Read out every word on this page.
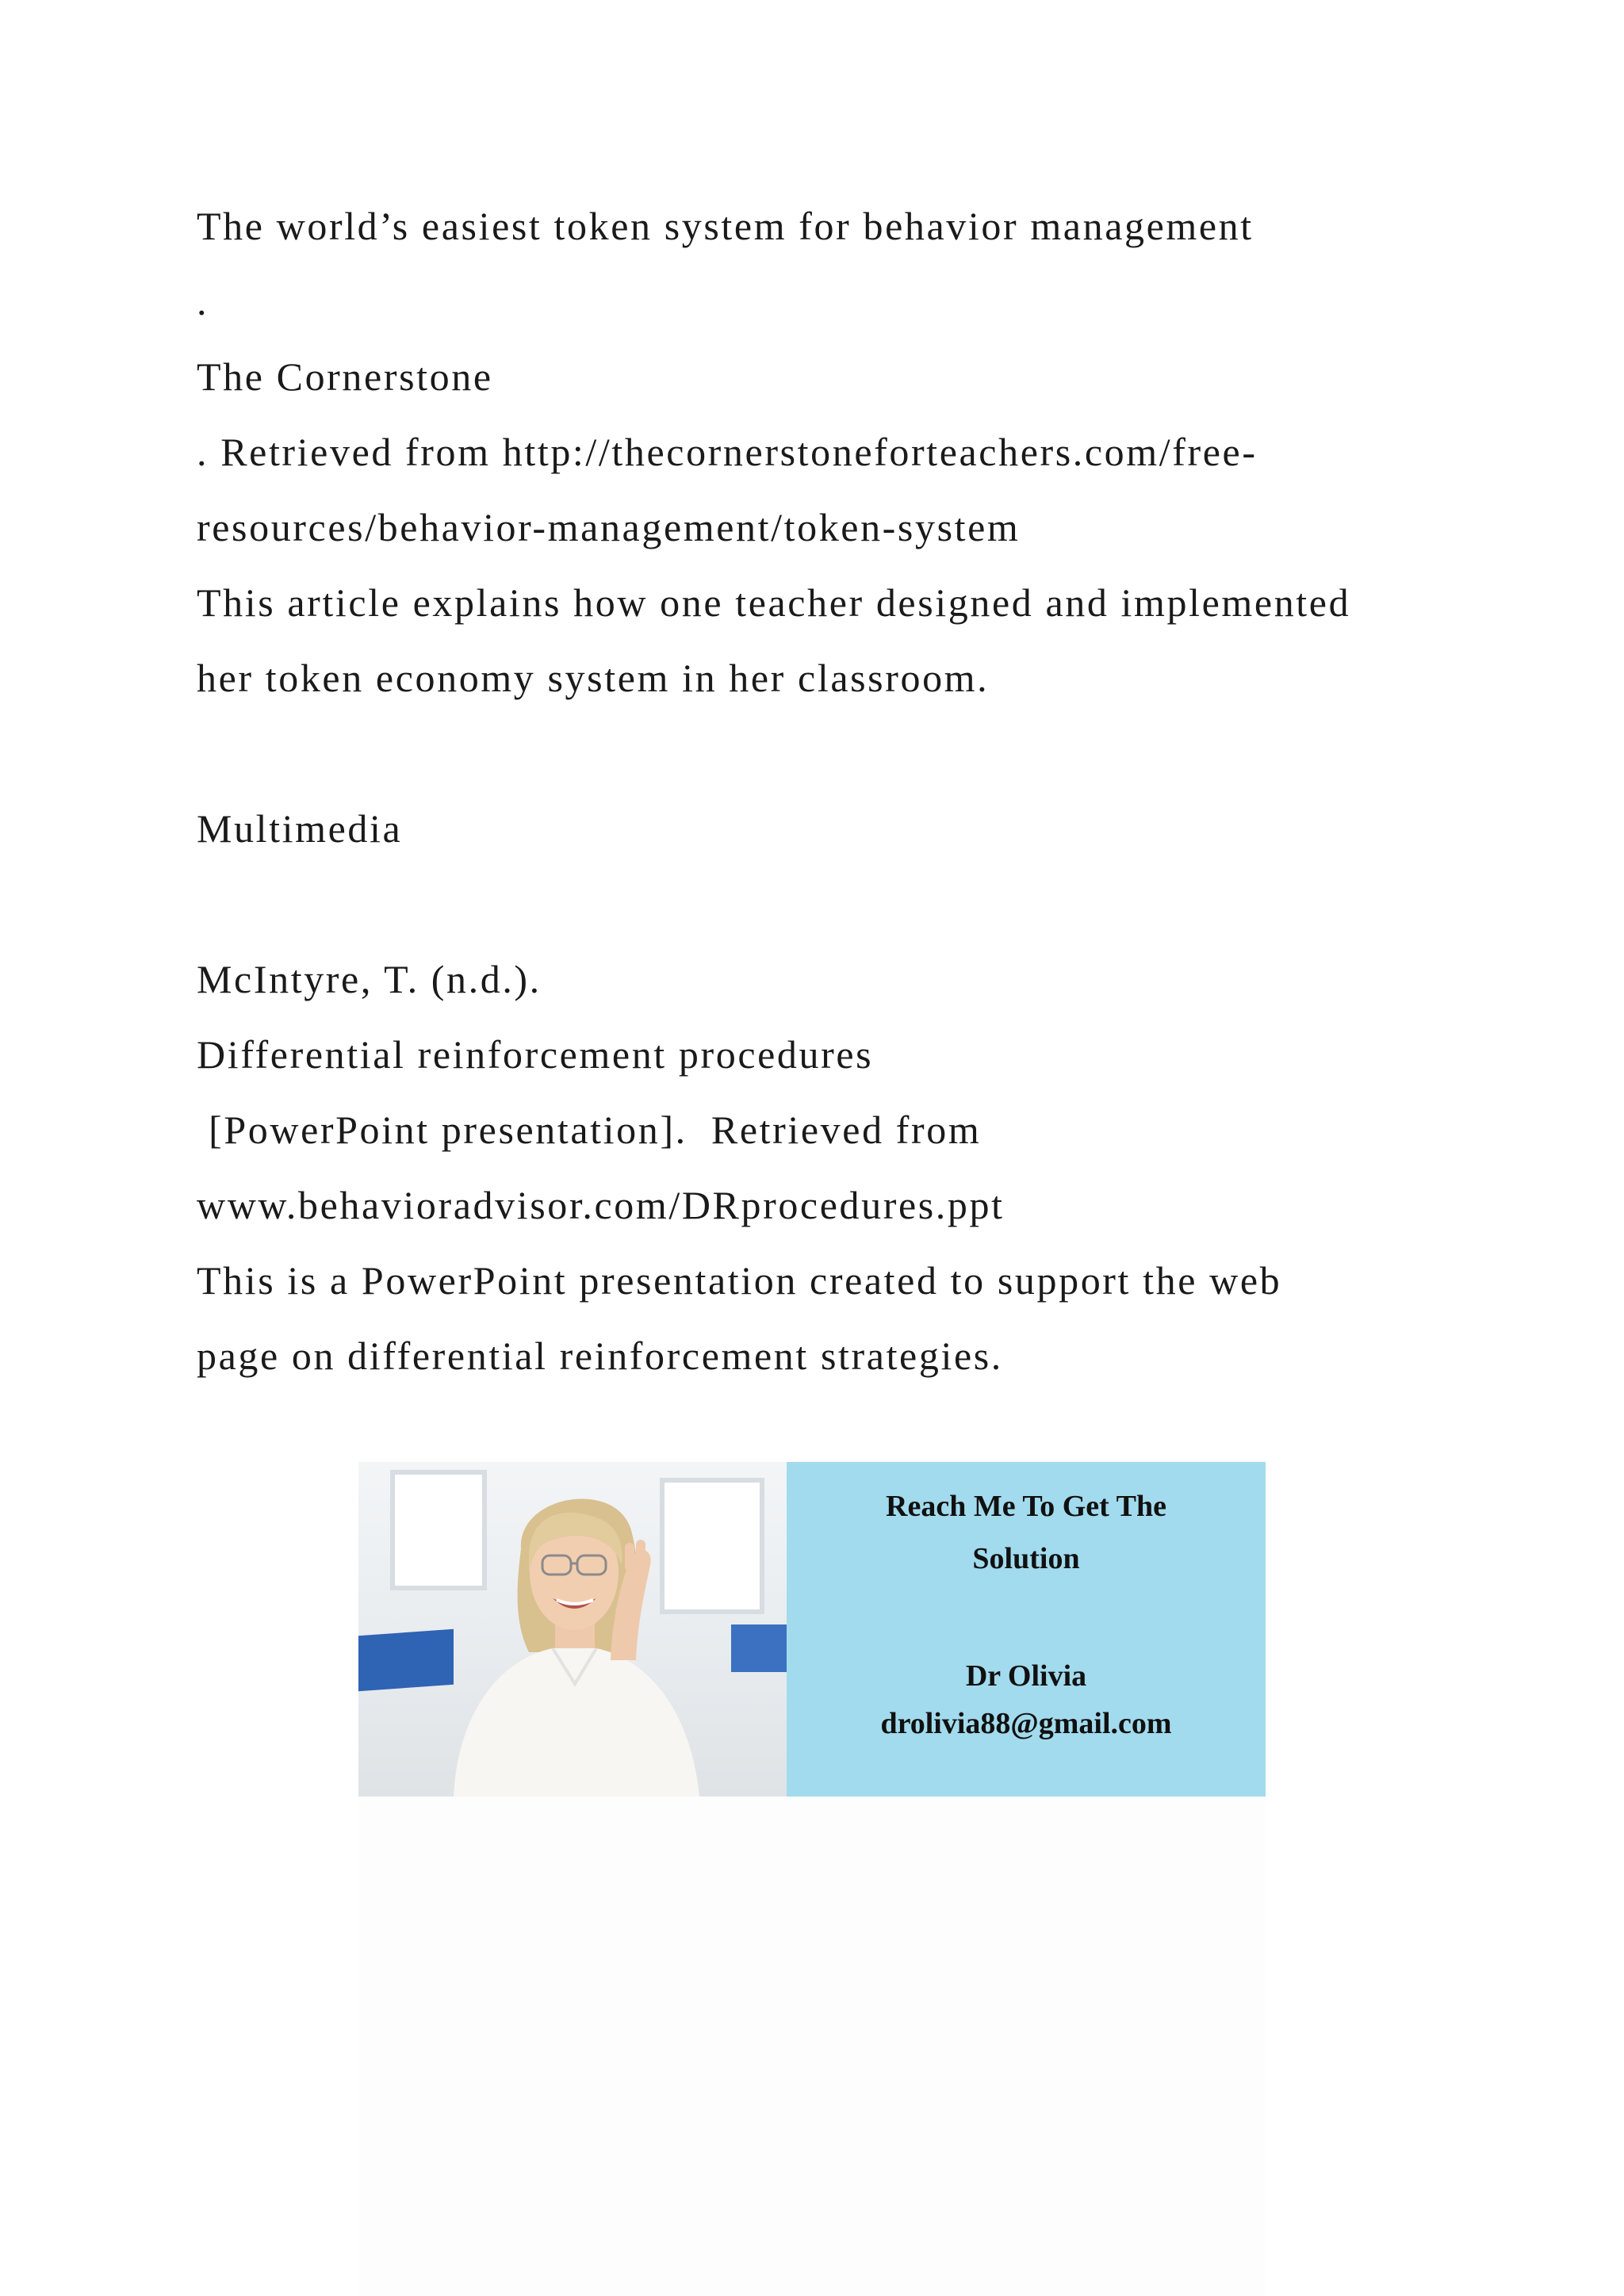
The world’s easiest token system for behavior management
.
The Cornerstone
. Retrieved from http://thecornerstoneforteachers.com/free-
resources/behavior-management/token-system
This article explains how one teacher designed and implemented
her token economy system in her classroom.
Multimedia
McIntyre, T. (n.d.).
Differential reinforcement procedures
[PowerPoint presentation].  Retrieved from
www.behavioradvisor.com/DRprocedures.ppt
This is a PowerPoint presentation created to support the web
page on differential reinforcement strategies.
Reach Me To Get The
Solution
Dr Olivia
drolivia88@gmail.com
